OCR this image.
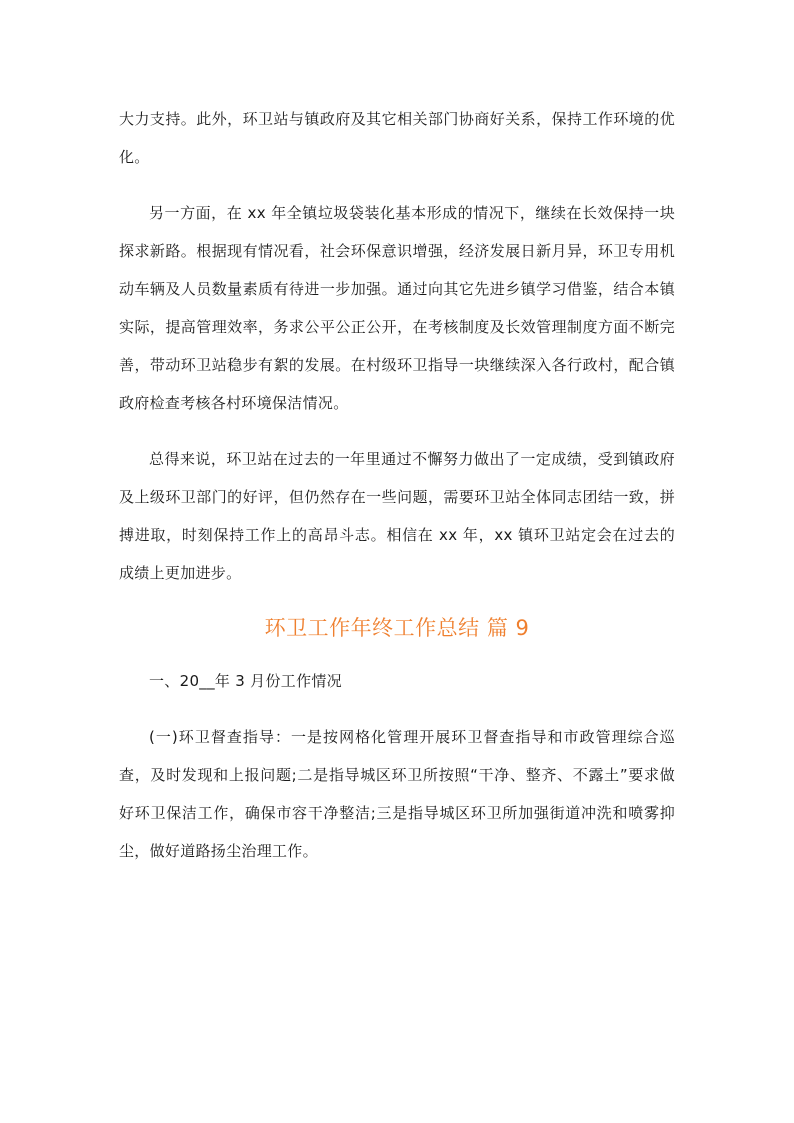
大力支持。此外，环卫站与镇政府及其它相关部门协商好关系，保持工作环境的优化。

另一方面，在 xx 年全镇垃圾袋装化基本形成的情况下，继续在长效保持一块探求新路。根据现有情况看，社会环保意识增强，经济发展日新月异，环卫专用机动车辆及人员数量素质有待进一步加强。通过向其它先进乡镇学习借鉴，结合本镇实际，提高管理效率，务求公平公正公开，在考核制度及长效管理制度方面不断完善，带动环卫站稳步有絮的发展。在村级环卫指导一块继续深入各行政村，配合镇政府检查考核各村环境保洁情况。

总得来说，环卫站在过去的一年里通过不懈努力做出了一定成绩，受到镇政府及上级环卫部门的好评，但仍然存在一些问题，需要环卫站全体同志团结一致，拼搏进取，时刻保持工作上的高昂斗志。相信在 xx 年，xx 镇环卫站定会在过去的成绩上更加进步。

环卫工作年终工作总结 篇 9

一、20__年 3 月份工作情况

(一)环卫督查指导：一是按网格化管理开展环卫督查指导和市政管理综合巡查，及时发现和上报问题;二是指导城区环卫所按照“干净、整齐、不露土”要求做好环卫保洁工作，确保市容干净整洁;三是指导城区环卫所加强街道冲洗和喷雾抑尘，做好道路扬尘治理工作。
